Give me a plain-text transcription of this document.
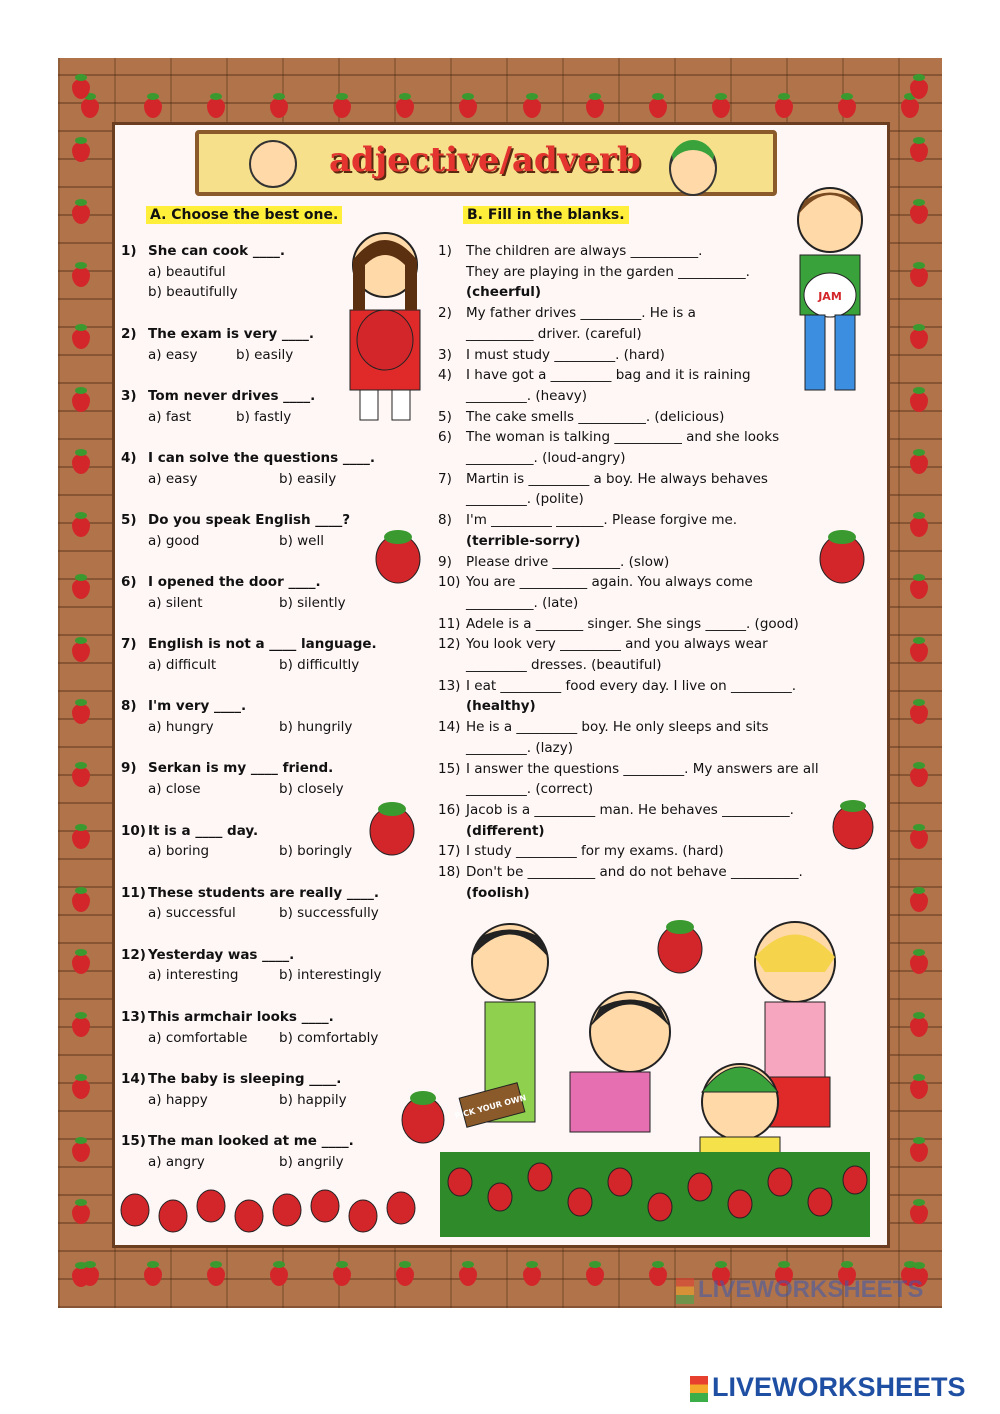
adjective/adverb
A. Choose the best one.	B. Fill in the blanks.
1) She can cook ____.
a) beautiful
b) beautifully
2) The exam is very ____.
a) easy	b) easily
3) Tom never drives ____.
a) fast	b) fastly
4) I can solve the questions ____.
a) easy	b) easily
5) Do you speak English ____?
a) good	b) well
6) I opened the door ____.
a) silent	b) silently
7) English is not a ____ language.
a) difficult	b) difficultly
8) I'm very ____.
a) hungry	b) hungrily
9) Serkan is my ____ friend.
a) close	b) closely
10) It is a ____ day.
a) boring	b) boringly
11) These students are really ____.
a) successful	b) successfully
12) Yesterday was ____.
a) interesting	b) interestingly
13) This armchair looks ____.
a) comfortable b) comfortably
14) The baby is sleeping ____.
a) happy	b) happily
15) The man looked at me ____.
a) angry	b) angrily
1)	The children are always __________.
They are playing in the garden __________.
(cheerful)
2)	My father drives _________. He is a
__________ driver. (careful)
3)	I must study _________. (hard)
4)	I have got a _________ bag and it is raining
_________. (heavy)
5)	The cake smells __________. (delicious)
6)	The woman is talking __________ and she looks
__________. (loud-angry)
7)	Martin is _________ a boy. He always behaves
_________. (polite)
8)	I'm _________ _______. Please forgive me.
(terrible-sorry)
9)	Please drive __________. (slow)
10) You are __________ again. You always come
__________. (late)
11) Adele is a _______ singer. She sings ______. (good)
12) You look very _________ and you always wear
_________ dresses. (beautiful)
13) I eat _________ food every day. I live on _________.
(healthy)
14) He is a _________ boy. He only sleeps and sits
_________. (lazy)
15) I answer the questions _________. My answers are all
_________. (correct)
16) Jacob is a _________ man. He behaves __________.
(different)
17) I study _________ for my exams. (hard)
18) Don't be __________ and do not behave __________.
(foolish)
JAM
PICK YOUR OWN
LIVEWORKSHEETS
LIVEWORKSHEETS
